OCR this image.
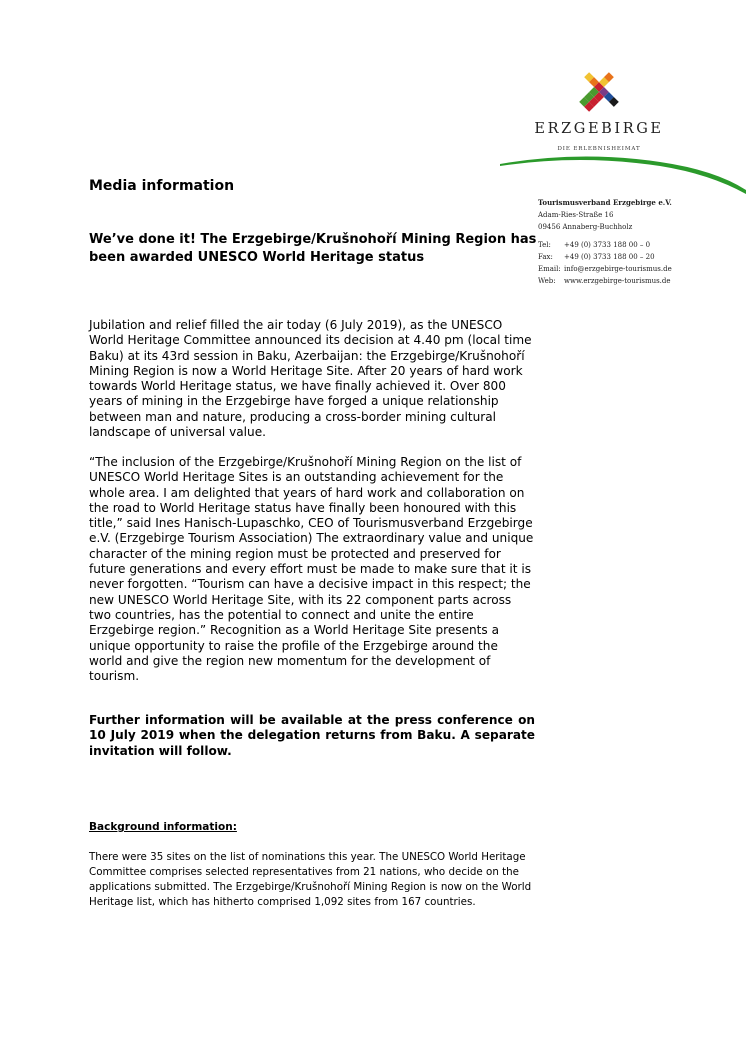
ERZGEBIRGE
DIE ERLEBNISHEIMAT
Media information
We’ve done it! The Erzgebirge/Krušnohoří Mining Region has been awarded UNESCO World Heritage status
Tourismusverband Erzgebirge e.V.
Adam-Ries-Straße 16
09456 Annaberg-Buchholz
Tel: +49 (0) 3733 188 00 – 0
Fax: +49 (0) 3733 188 00 – 20
Email: info@erzgebirge-tourismus.de
Web: www.erzgebirge-tourismus.de
Jubilation and relief filled the air today (6 July 2019), as the UNESCO World Heritage Committee announced its decision at 4.40 pm (local time Baku) at its 43rd session in Baku, Azerbaijan: the Erzgebirge/Krušnohoří Mining Region is now a World Heritage Site. After 20 years of hard work towards World Heritage status, we have finally achieved it. Over 800 years of mining in the Erzgebirge have forged a unique relationship between man and nature, producing a cross-border mining cultural landscape of universal value.
“The inclusion of the Erzgebirge/Krušnohoří Mining Region on the list of UNESCO World Heritage Sites is an outstanding achievement for the whole area. I am delighted that years of hard work and collaboration on the road to World Heritage status have finally been honoured with this title,” said Ines Hanisch-Lupaschko, CEO of Tourismusverband Erzgebirge e.V. (Erzgebirge Tourism Association) The extraordinary value and unique character of the mining region must be protected and preserved for future generations and every effort must be made to make sure that it is never forgotten. “Tourism can have a decisive impact in this respect; the new UNESCO World Heritage Site, with its 22 component parts across two countries, has the potential to connect and unite the entire Erzgebirge region.” Recognition as a World Heritage Site presents a unique opportunity to raise the profile of the Erzgebirge around the world and give the region new momentum for the development of tourism.
Further information will be available at the press conference on 10 July 2019 when the delegation returns from Baku. A separate invitation will follow.
Background information:
There were 35 sites on the list of nominations this year. The UNESCO World Heritage Committee comprises selected representatives from 21 nations, who decide on the applications submitted. The Erzgebirge/Krušnohoří Mining Region is now on the World Heritage list, which has hitherto comprised 1,092 sites from 167 countries.
